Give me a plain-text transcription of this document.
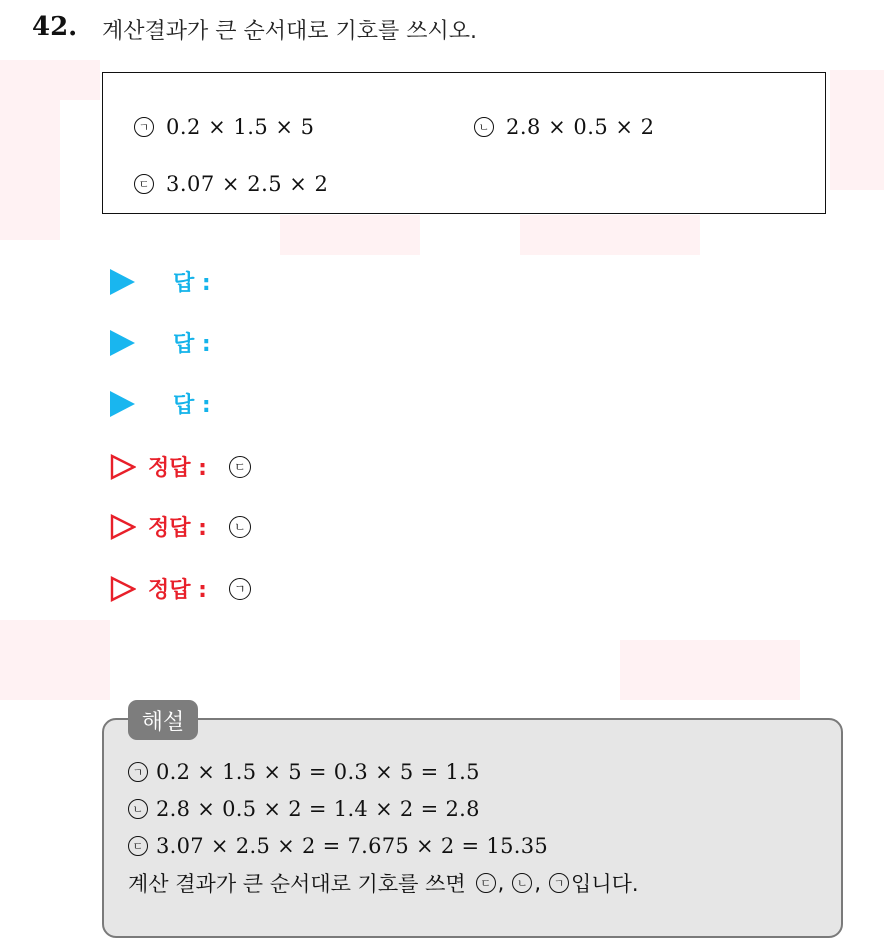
42. 계산결과가 큰 순서대로 기호를 쓰시오.
ㄱ 0.2 × 1.5 × 5	ㄴ 2.8 × 0.5 × 2
ㄷ 3.07 × 2.5 × 2
답 :
답 :
답 :
정답 :	ㄷ
정답 :	ㄴ
정답 :	ㄱ
해설
ㄱ 0.2 × 1.5 × 5 = 0.3 × 5 = 1.5
ㄴ 2.8 × 0.5 × 2 = 1.4 × 2 = 2.8
ㄷ 3.07 × 2.5 × 2 = 7.675 × 2 = 15.35
계산 결과가 큰 순서대로 기호를 쓰면	ㄷ ,	ㄴ ,	ㄱ 입니다.
